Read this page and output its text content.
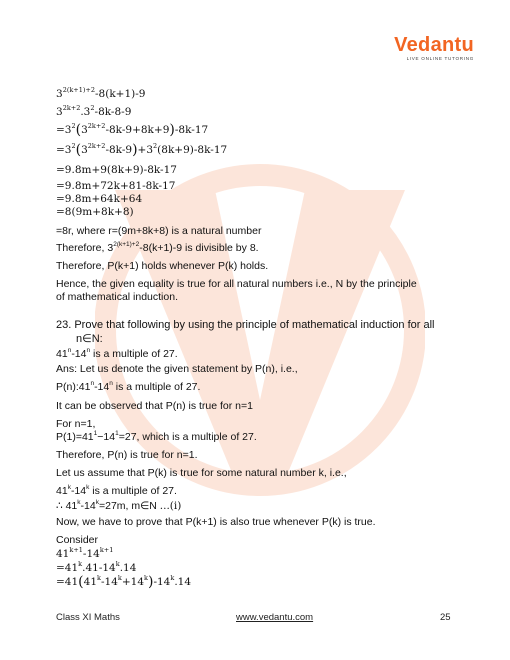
Vedantu
LIVE ONLINE TUTORING
$3^{2(k+1)+2}-8(k+1)-9$
$3^{2k+2}.3^2-8k-8-9$
$=3^2(3^{2k+2}-8k-9+8k+9)-8k-17$
$=3^2(3^{2k+2}-8k-9)+3^2(8k+9)-8k-17$
=9.8m+9(8k+9)-8k-17
=9.8m+72k+81-8k-17
=9.8m+64k+64
=8(9m+8k+8)
=8r, where r=(9m+8k+8) is a natural number
Therefore, $3^{2(k+1)+2}-8(k+1)-9$ is divisible by 8.
Therefore, P(k+1) holds whenever P(k) holds.
Hence, the given equality is true for all natural numbers i.e., N by the principle
of mathematical induction.
23. Prove that following by using the principle of mathematical induction for all
n∈N:
41$^n$-14$^n$ is a multiple of 27.
Ans: Let us denote the given statement by P(n), i.e.,
P(n):41$^n$-14$^n$ is a multiple of 27.
It can be observed that P(n) is true for n=1
For n=1,
$P(1)=41^1-14^1=27$, which is a multiple of 27.
Therefore, P(n) is true for n=1.
Let us assume that P(k) is true for some natural number k, i.e.,
41$^k$-14$^k$ is a multiple of 27.
∴ $41^k-14^k=27m$, m∈N ...(i)
Now, we have to prove that P(k+1) is also true whenever P(k) is true.
Consider
$41^{k+1}-14^{k+1}$
$=41^k.41-14^k.14$
$=41(41^k-14^k+14^k)-14^k.14$
Class XI Maths	www.vedantu.com	25
